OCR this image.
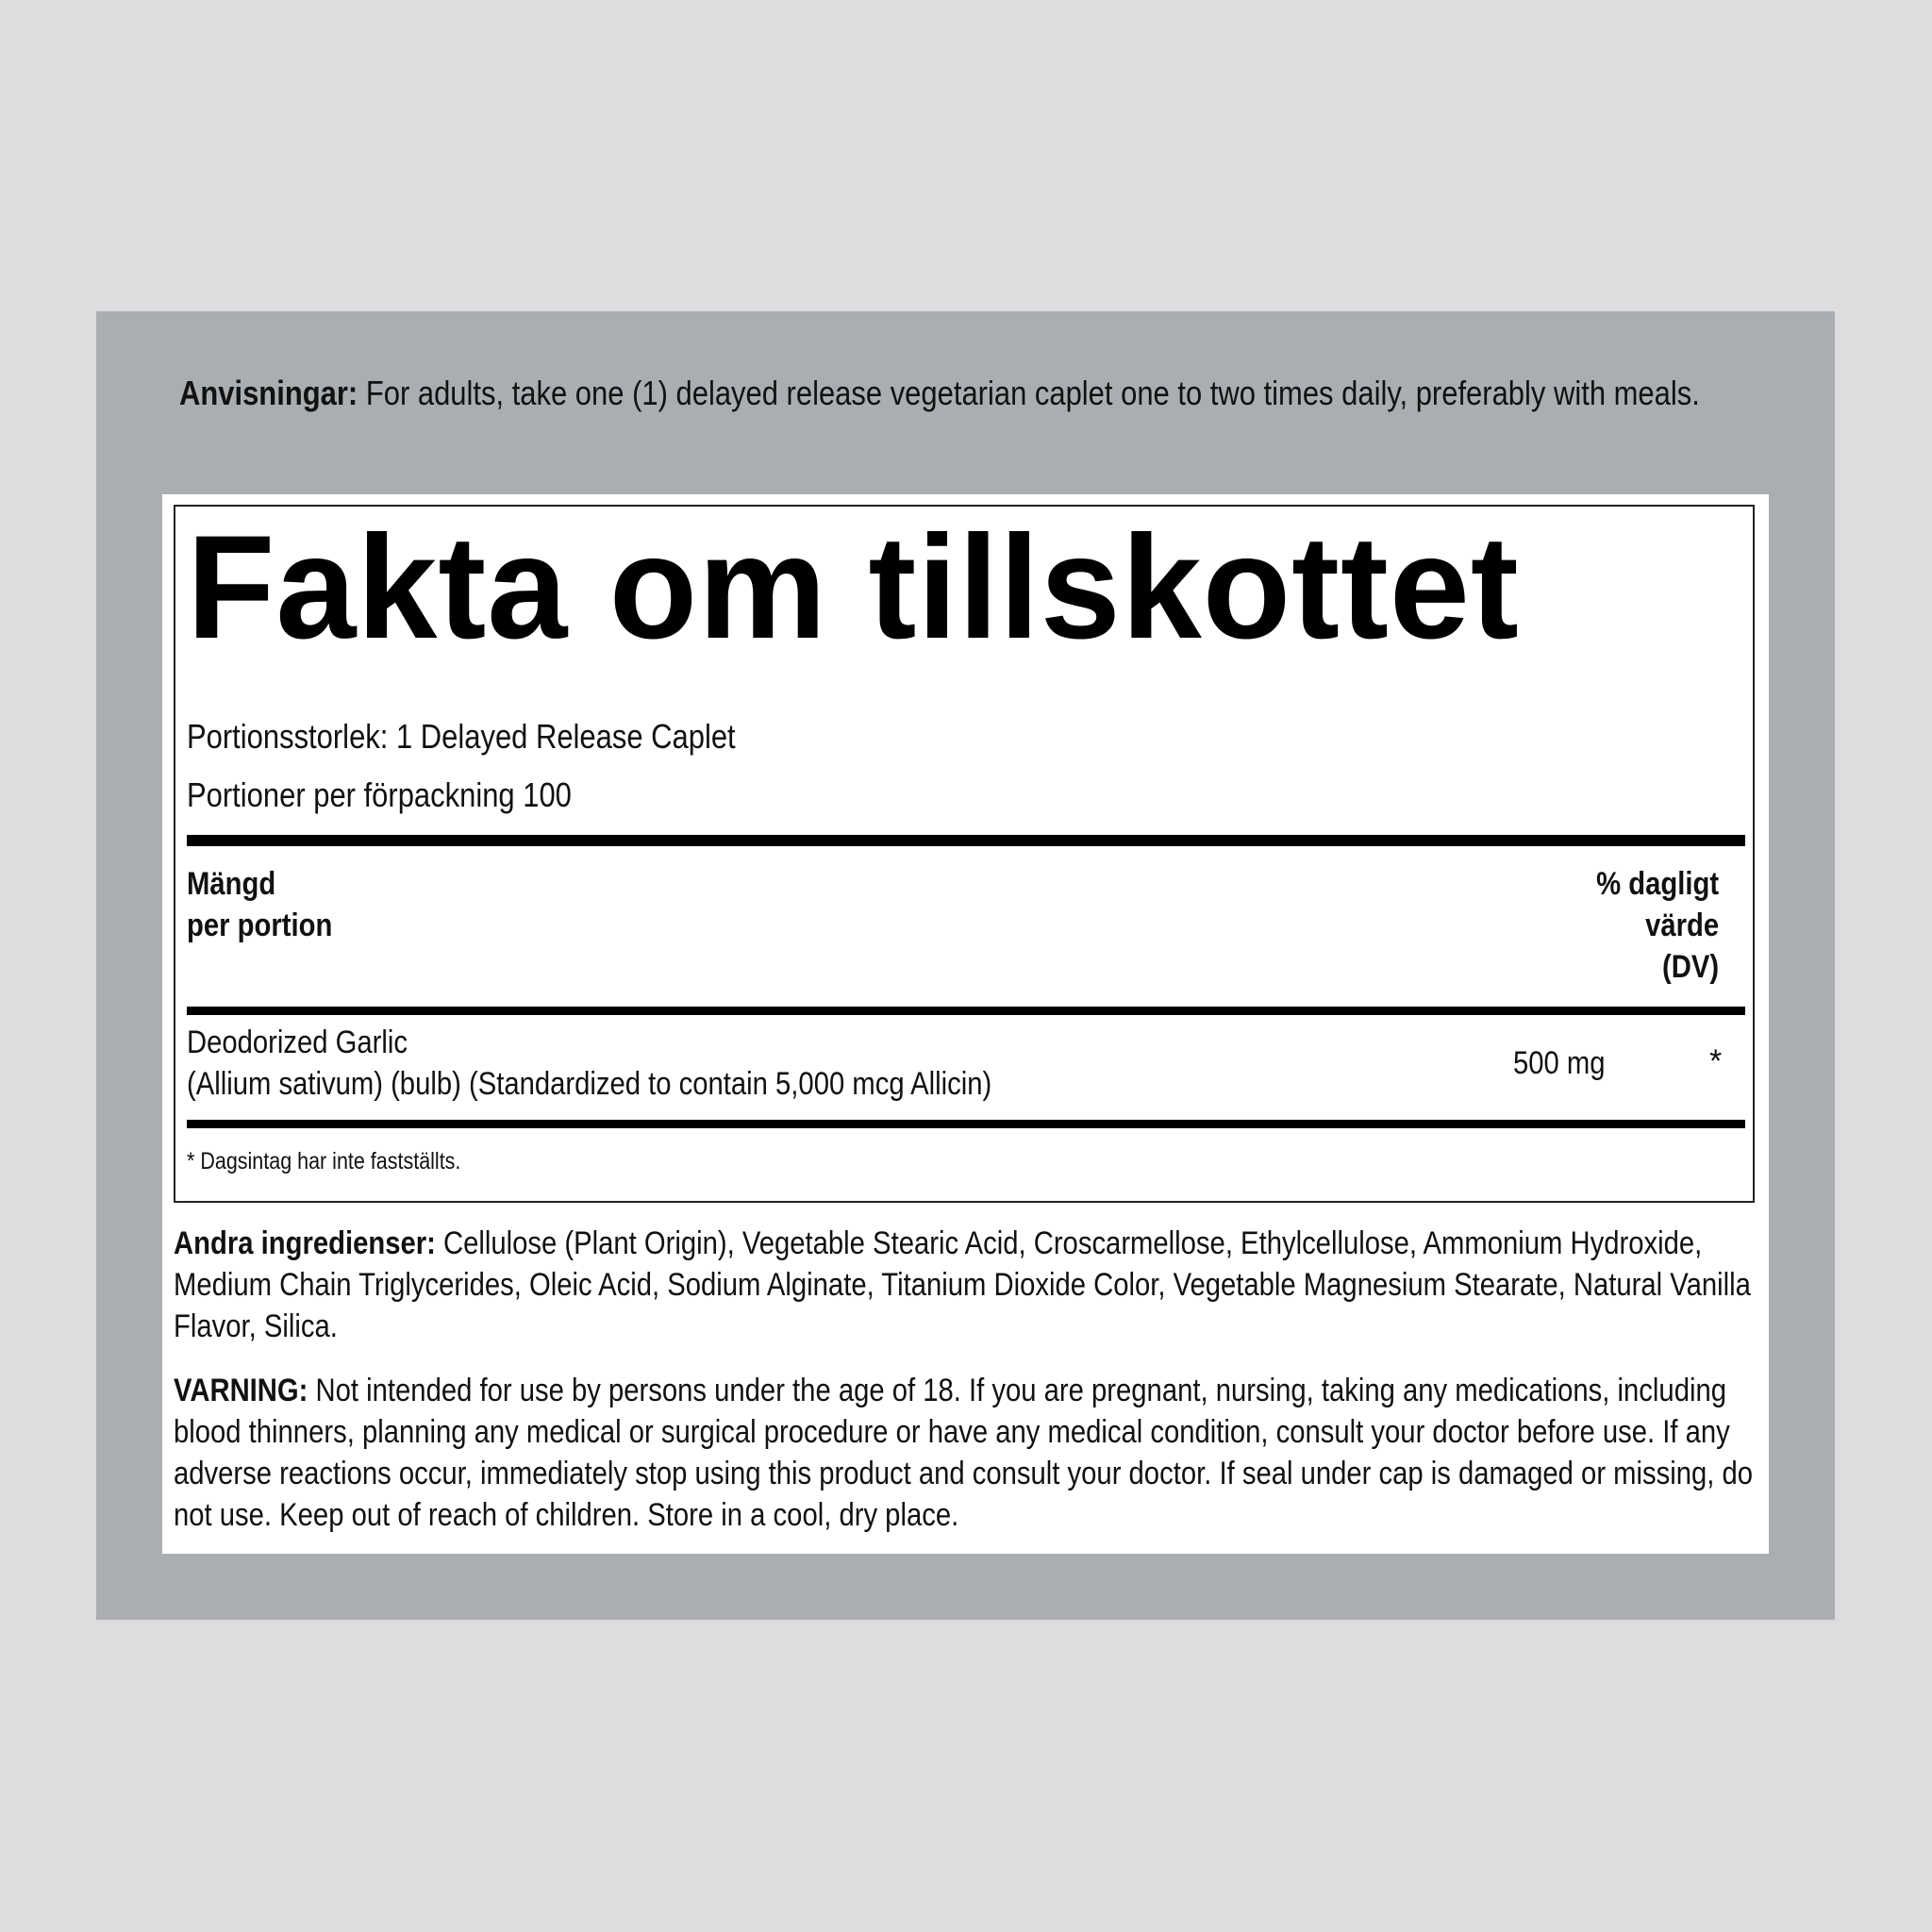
Anvisningar: For adults, take one (1) delayed release vegetarian caplet one to two times daily, preferably with meals.
Fakta om tillskottet
Portionsstorlek: 1 Delayed Release Caplet
Portioner per förpackning 100
Mängd
per portion
% dagligt
värde
(DV)
Deodorized Garlic
(Allium sativum) (bulb) (Standardized to contain 5,000 mcg Allicin)
500 mg	*
* Dagsintag har inte fastställts.
Andra ingredienser: Cellulose (Plant Origin), Vegetable Stearic Acid, Croscarmellose, Ethylcellulose, Ammonium Hydroxide, Medium Chain Triglycerides, Oleic Acid, Sodium Alginate, Titanium Dioxide Color, Vegetable Magnesium Stearate, Natural Vanilla Flavor, Silica.
VARNING: Not intended for use by persons under the age of 18. If you are pregnant, nursing, taking any medications, including blood thinners, planning any medical or surgical procedure or have any medical condition, consult your doctor before use. If any adverse reactions occur, immediately stop using this product and consult your doctor. If seal under cap is damaged or missing, do not use. Keep out of reach of children. Store in a cool, dry place.
